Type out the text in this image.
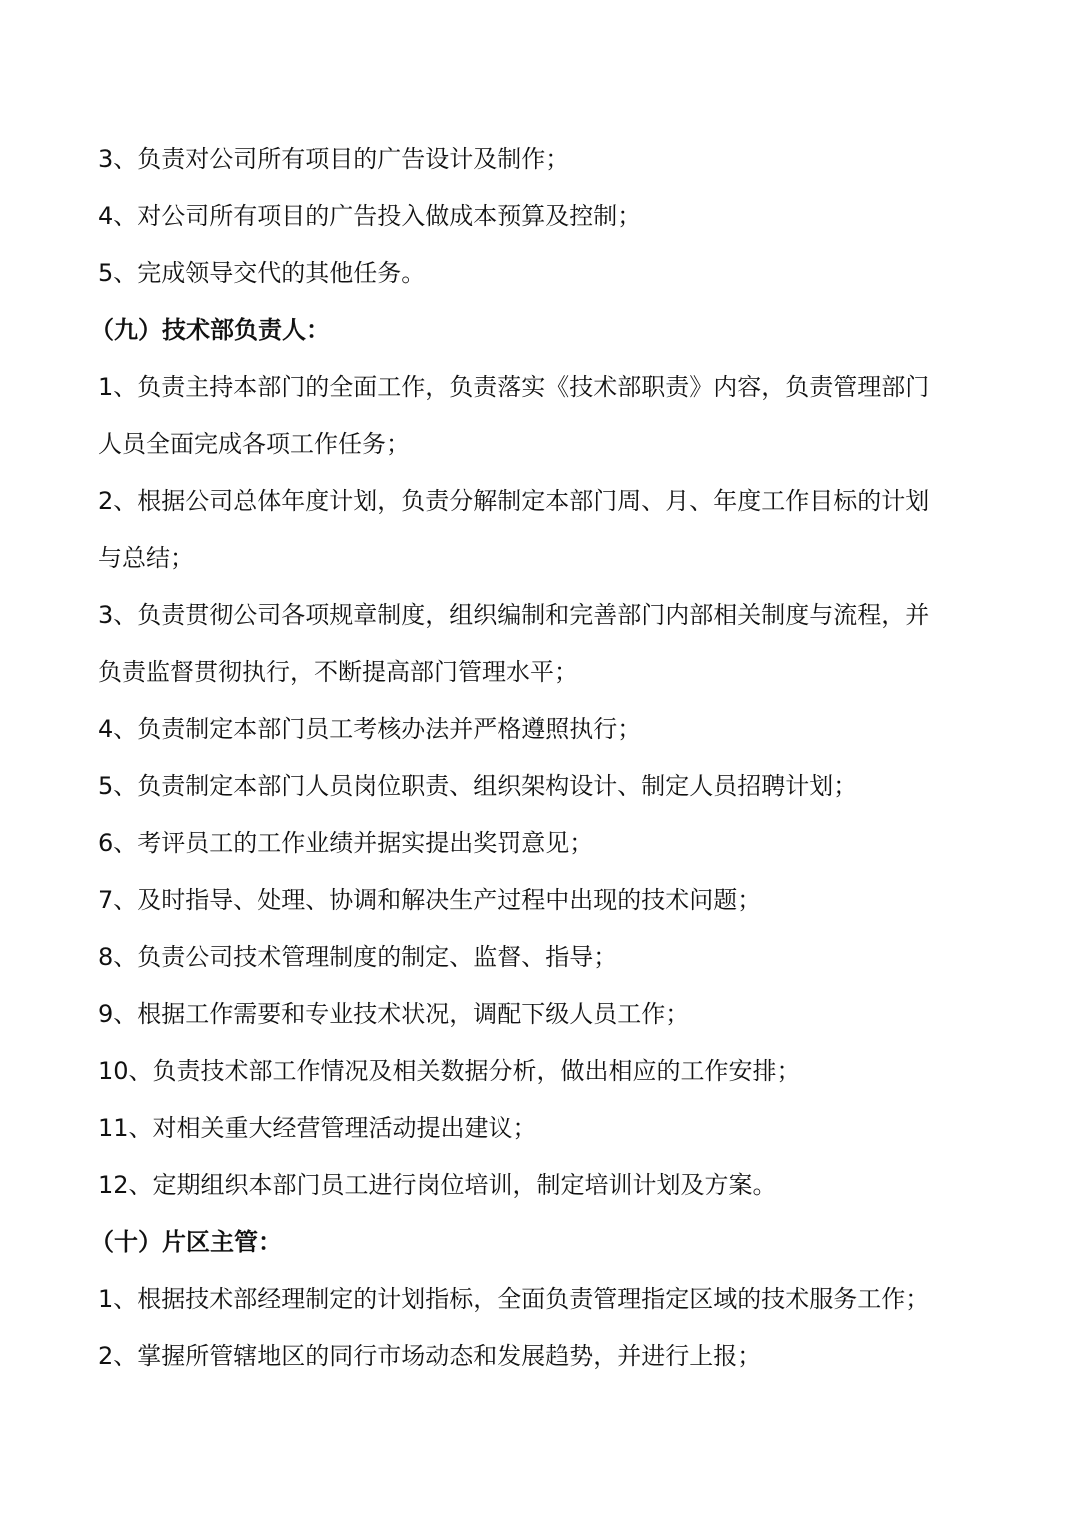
3、负责对公司所有项目的广告设计及制作；
4、对公司所有项目的广告投入做成本预算及控制；
5、完成领导交代的其他任务。
（九）技术部负责人：
1、负责主持本部门的全面工作，负责落实《技术部职责》内容，负责管理部门
人员全面完成各项工作任务；
2、根据公司总体年度计划，负责分解制定本部门周、月、年度工作目标的计划
与总结；
3、负责贯彻公司各项规章制度，组织编制和完善部门内部相关制度与流程，并
负责监督贯彻执行，不断提高部门管理水平；
4、负责制定本部门员工考核办法并严格遵照执行；
5、负责制定本部门人员岗位职责、组织架构设计、制定人员招聘计划；
6、考评员工的工作业绩并据实提出奖罚意见；
7、及时指导、处理、协调和解决生产过程中出现的技术问题；
8、负责公司技术管理制度的制定、监督、指导；
9、根据工作需要和专业技术状况，调配下级人员工作；
10、负责技术部工作情况及相关数据分析，做出相应的工作安排；
11、对相关重大经营管理活动提出建议；
12、定期组织本部门员工进行岗位培训，制定培训计划及方案。
（十）片区主管：
1、根据技术部经理制定的计划指标，全面负责管理指定区域的技术服务工作；
2、掌握所管辖地区的同行市场动态和发展趋势，并进行上报；
